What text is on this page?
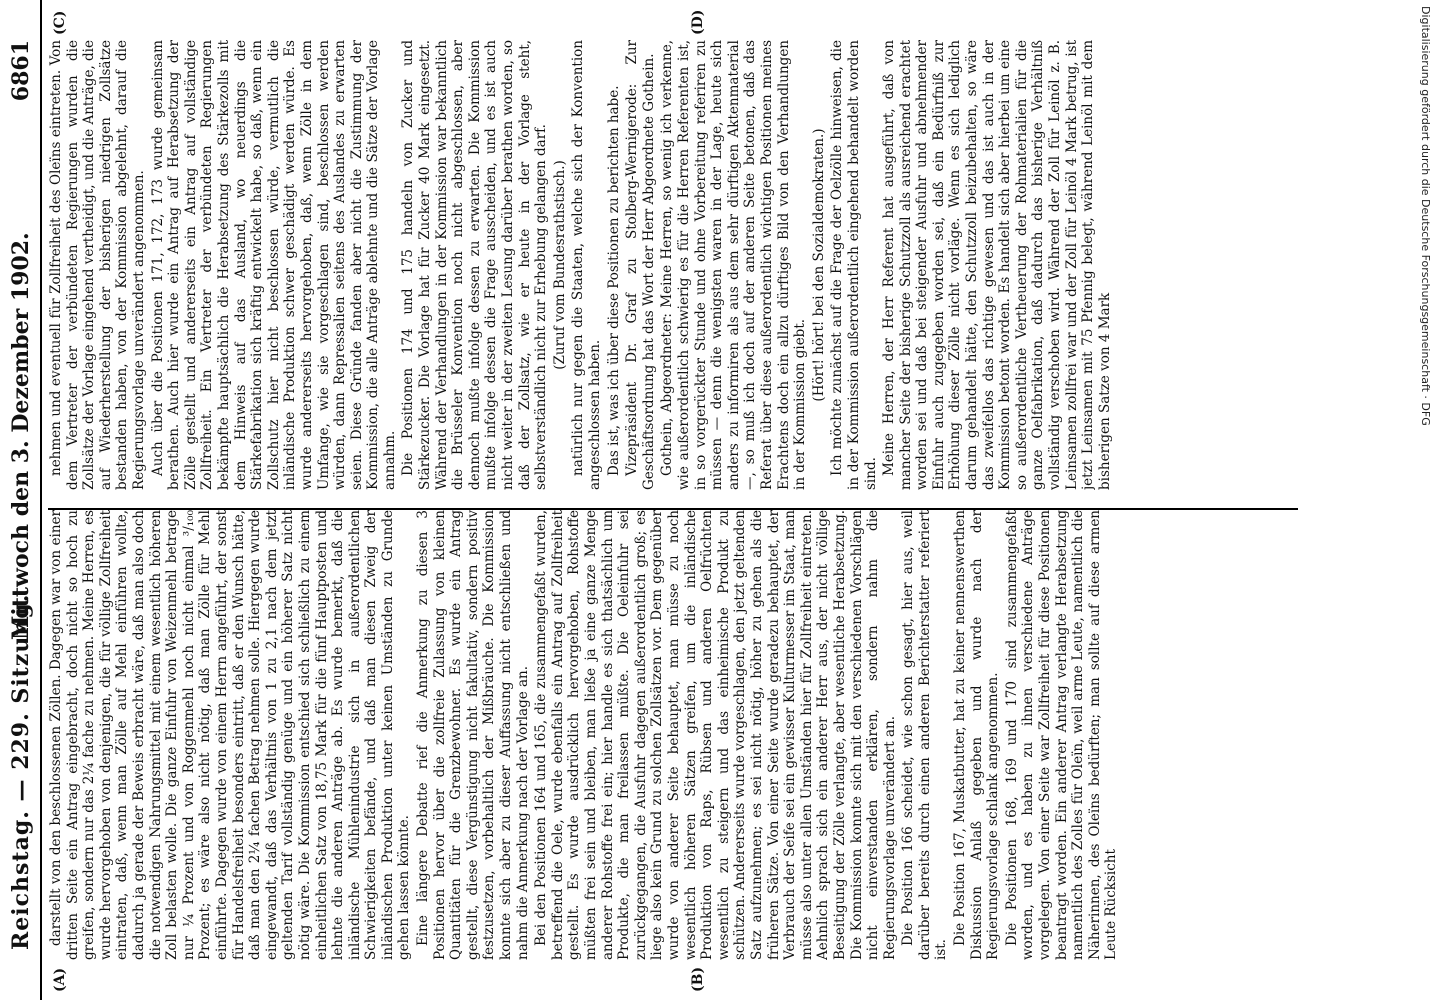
Reichstag. — 229. Sitzung.
Mittwoch den 3. Dezember 1902.
6861
(A)	(B)
(C)	(D)

darstellt von den beschlossenen Zöllen. Dagegen war von einer dritten Seite ein Antrag eingebracht, doch nicht so hoch zu greifen, sondern nur das 2¼ fache zu nehmen. Meine Herren, es wurde hervorgehoben von denjenigen, die für völlige Zollfreiheit eintraten, daß, wenn man Zölle auf Mehl einführen wollte, dadurch ja gerade der Beweis erbracht wäre, daß man also doch die notwendigen Nahrungsmittel mit einem wesentlich höheren Zoll belasten wolle. Die ganze Einfuhr von Weizenmehl betrage nur ¼ Prozent und von Roggenmehl noch nicht einmal ³/₁₀₀ Prozent; es wäre also nicht nötig, daß man Zölle für Mehl einführte. Dagegen wurde von einem Herrn angeführt, der sonst für Handelsfreiheit besonders eintritt, daß er den Wunsch hätte, daß man den 2¼ fachen Betrag nehmen solle. Hiergegen wurde eingewandt, daß das Verhältnis von 1 zu 2,1 nach dem jetzt geltenden Tarif vollständig genüge und ein höherer Satz nicht nötig wäre. Die Kommission entschied sich schließlich zu einem einheitlichen Satz von 18,75 Mark für die fünf Hauptposten und lehnte die anderen Anträge ab. Es wurde bemerkt, daß die inländische Mühlenindustrie sich in außerordentlichen Schwierigkeiten befände, und daß man diesen Zweig der inländischen Produktion unter keinen Umständen zu Grunde gehen lassen könnte. Eine längere Debatte rief die Anmerkung zu diesen 3 Positionen hervor über die zollfreie Zulassung von kleinen Quantitäten für die Grenzbewohner. Es wurde ein Antrag gestellt, diese Vergünstigung nicht fakultativ, sondern positiv festzusetzen, vorbehaltlich der Mißbräuche. Die Kommission konnte sich aber zu dieser Auffassung nicht entschließen und nahm die Anmerkung nach der Vorlage an. Bei den Positionen 164 und 165, die zusammengefaßt wurden, betreffend die Oele, wurde ebenfalls ein Antrag auf Zollfreiheit gestellt. Es wurde ausdrücklich hervorgehoben, Rohstoffe müßten frei sein und bleiben, man ließe ja eine ganze Menge anderer Rohstoffe frei ein; hier handle es sich thatsächlich um Produkte, die man freilassen müßte. Die Oeleinfuhr sei zurückgegangen, die Ausfuhr dagegen außerordentlich groß; es liege also kein Grund zu solchen Zollsätzen vor. Dem gegenüber wurde von anderer Seite behauptet, man müsse zu noch wesentlich höheren Sätzen greifen, um die inländische Produktion von Raps, Rübsen und anderen Oelfrüchten wesentlich zu steigern und das einheimische Produkt zu schützen. Andererseits wurde vorgeschlagen, den jetzt geltenden Satz aufzunehmen; es sei nicht nötig, höher zu gehen als die früheren Sätze. Von einer Seite wurde geradezu behauptet, der Verbrauch der Seife sei ein gewisser Kulturmesser im Staat, man müsse also unter allen Umständen hier für Zollfreiheit eintreten. Aehnlich sprach sich ein anderer Herr aus, der nicht völlige Beseitigung der Zölle verlangte, aber wesentliche Herabsetzung. Die Kommission konnte sich mit den verschiedenen Vorschlägen nicht einverstanden erklären, sondern nahm die Regierungsvorlage unverändert an. Die Position 166 scheidet, wie schon gesagt, hier aus, weil darüber bereits durch einen anderen Berichterstatter referiert ist.

Die Position 167, Muskatbutter, hat zu keiner nennenswerthen Diskussion Anlaß gegeben und wurde nach der Regierungsvorlage schlank angenommen. Die Positionen 168, 169 und 170 sind zusammengefaßt worden, und es haben zu ihnen verschiedene Anträge vorgelegen. Von einer Seite war Zollfreiheit für diese Positionen beantragt worden. Ein anderer Antrag verlangte Herabsetzung namentlich des Zolles für Oleïn, weil arme Leute, namentlich die Näherinnen, des Oleïns bedürften; man sollte auf diese armen Leute Rücksicht

nehmen und eventuell für Zollfreiheit des Oleïns eintreten. Von dem Vertreter der verbündeten Regierungen wurden die Zollsätze der Vorlage eingehend vertheidigt, und die Anträge, die auf Wiederherstellung der bisherigen niedrigen Zollsätze bestanden haben, von der Kommission abgelehnt, darauf die Regierungsvorlage unverändert angenommen. Auch über die Positionen 171, 172, 173 wurde gemeinsam berathen. Auch hier wurde ein Antrag auf Herabsetzung der Zölle gestellt und andererseits ein Antrag auf vollständige Zollfreiheit. Ein Vertreter der verbündeten Regierungen bekämpfte hauptsächlich die Herabsetzung des Stärkezolls mit dem Hinweis auf das Ausland, wo neuerdings die Stärkefabrikation sich kräftig entwickelt habe, so daß, wenn ein Zollschutz hier nicht beschlossen würde, vermutlich die inländische Produktion schwer geschädigt werden würde. Es wurde andererseits hervorgehoben, daß, wenn Zölle in dem Umfange, wie sie vorgeschlagen sind, beschlossen werden würden, dann Repressalien seitens des Auslandes zu erwarten seien. Diese Gründe fanden aber nicht die Zustimmung der Kommission, die alle Anträge ablehnte und die Sätze der Vorlage annahm. Die Positionen 174 und 175 handeln von Zucker und Stärkezucker. Die Vorlage hat für Zucker 40 Mark eingesetzt. Während der Verhandlungen in der Kommission war bekanntlich die Brüsseler Konvention noch nicht abgeschlossen, aber dennoch mußte infolge dessen zu erwarten. Die Kommission mußte infolge dessen die Frage ausscheiden, und es ist auch nicht weiter in der zweiten Lesung darüber berathen worden, so daß der Zollsatz, wie er heute in der Vorlage steht, selbstverständlich nicht zur Erhebung gelangen darf. (Zuruf vom Bundesrathstisch.) natürlich nur gegen die Staaten, welche sich der Konvention angeschlossen haben. Das ist, was ich über diese Positionen zu berichten habe. Vizepräsident Dr. Graf zu Stolberg-Wernigerode: Zur Geschäftsordnung hat das Wort der Herr Abgeordnete Gothein. Gothein, Abgeordneter: Meine Herren, so wenig ich verkenne, wie außerordentlich schwierig es für die Herren Referenten ist, in so vorgerückter Stunde und ohne Vorbereitung referiren zu müssen — denn die wenigsten waren in der Lage, heute sich anders zu informiren als aus dem sehr dürftigen Aktenmaterial —, so muß ich doch auf der anderen Seite betonen, daß das Referat über diese außerordentlich wichtigen Positionen meines Erachtens doch ein allzu dürftiges Bild von den Verhandlungen in der Kommission giebt.

(Hört! hört! bei den Sozialdemokraten.) Ich möchte zunächst auf die Frage der Oelzölle hinweisen, die in der Kommission außerordentlich eingehend behandelt worden sind. Meine Herren, der Herr Referent hat ausgeführt, daß von mancher Seite der bisherige Schutzzoll als ausreichend erachtet worden sei und daß bei steigender Ausfuhr und abnehmender Einfuhr auch zugegeben worden sei, daß ein Bedürfniß zur Erhöhung dieser Zölle nicht vorläge. Wenn es sich lediglich darum gehandelt hätte, den Schutzzoll beizubehalten, so wäre das zweifellos das richtige gewesen und das ist auch in der Kommission betont worden. Es handelt sich aber hierbei um eine so außerordentliche Vertheuerung der Rohmaterialien für die ganze Oelfabrikation, daß dadurch das bisherige Verhältniß vollständig verschoben wird. Während der Zoll für Leinöl z. B. Leinsamen zollfrei war und der Zoll für Leinöl 4 Mark betrug, ist jetzt Leinsamen mit 75 Pfennig belegt, während Leinöl mit dem bisherigen Satze von 4 Mark	Digitalisierung gefördert durch die Deutsche Forschungsgemeinschaft · DFG
